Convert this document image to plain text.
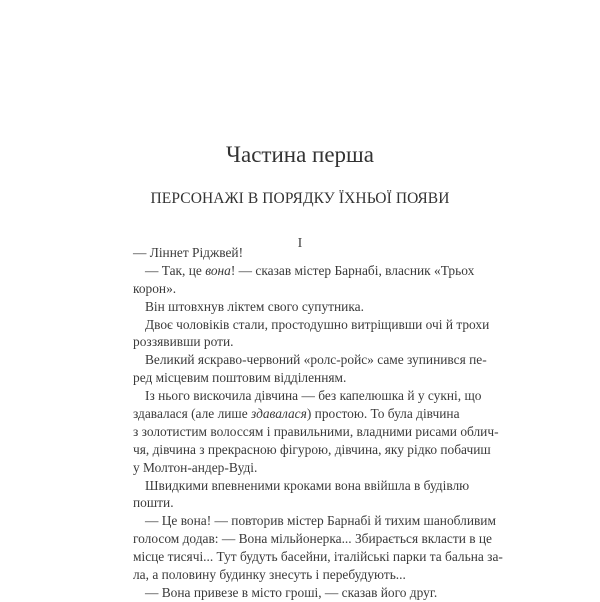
Частина перша
ПЕРСОНАЖІ В ПОРЯДКУ ЇХНЬОЇ ПОЯВИ
I
— Ліннет Ріджвей!
— Так, це вона! — сказав містер Барнабі, власник «Трьох
корон».
Він штовхнув ліктем свого супутника.
Двоє чоловіків стали, простодушно витріщивши очі й трохи
роззявивши роти.
Великий яскраво-червоний «ролс-ройс» саме зупинився пе-
ред місцевим поштовим відділенням.
Із нього вискочила дівчина — без капелюшка й у сукні, що
здавалася (але лише здавалася) простою. То була дівчина
з золотистим волоссям і правильними, владними рисами облич-
чя, дівчина з прекрасною фігурою, дівчина, яку рідко побачиш
у Молтон-андер-Вуді.
Швидкими впевненими кроками вона ввійшла в будівлю
пошти.
— Це вона! — повторив містер Барнабі й тихим шанобливим
голосом додав: — Вона мільйонерка... Збирається вкласти в це
місце тисячі... Тут будуть басейни, італійські парки та бальна за-
ла, а половину будинку знесуть і перебудують...
— Вона привезе в місто гроші, — сказав його друг.
